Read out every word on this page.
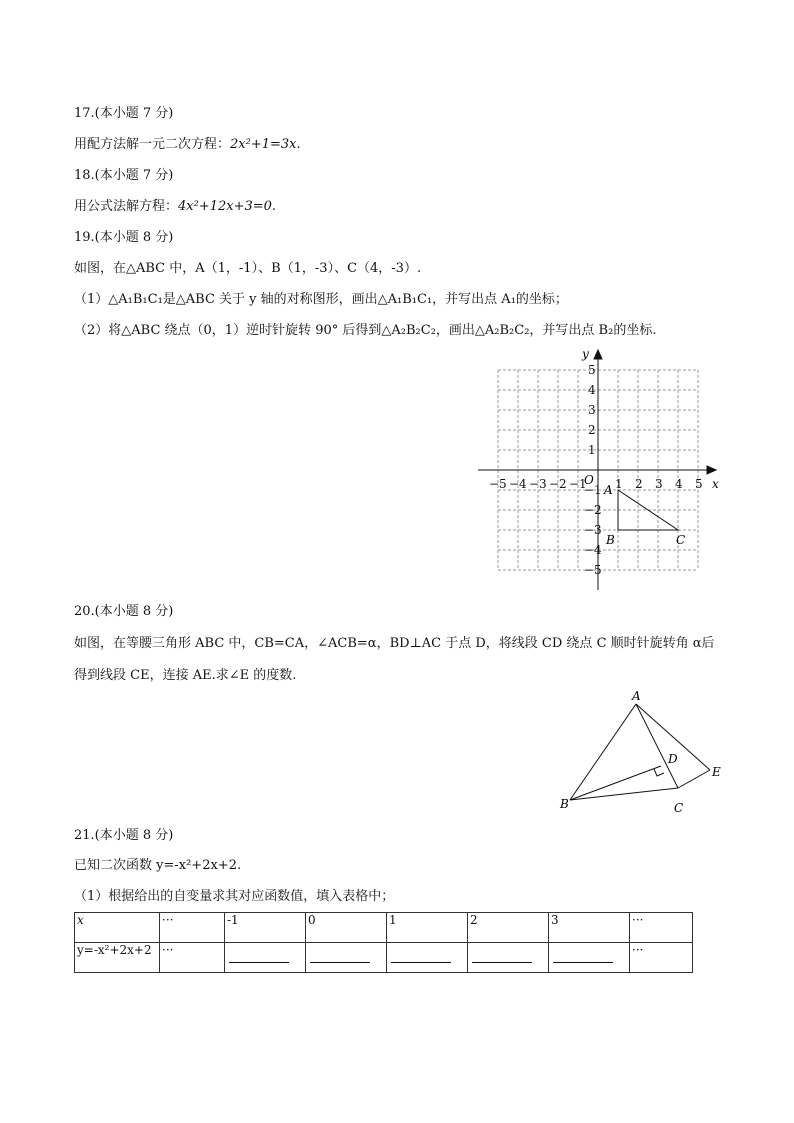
17.(本小题 7 分)
用配方法解一元二次方程：2x²+1=3x.
18.(本小题 7 分)
用公式法解方程：4x²+12x+3=0.
19.(本小题 8 分)
如图，在△ABC 中，A（1，-1）、B（1，-3）、C（4，-3）.
（1）△A₁B₁C₁是△ABC 关于 y 轴的对称图形，画出△A₁B₁C₁，并写出点 A₁的坐标；
（2）将△ABC 绕点（0，1）逆时针旋转 90° 后得到△A₂B₂C₂，画出△A₂B₂C₂，并写出点 B₂的坐标.
−5 −4 −3 −2 −1 1 2 3 4 5
5
4
3
2
1
−1
−2
−3
−4
−5
x
y
O
A
B	C
20.(本小题 8 分)
如图，在等腰三角形 ABC 中，CB=CA，∠ACB=α，BD⊥AC 于点 D，将线段 CD 绕点 C 顺时针旋转角 α后
得到线段 CE，连接 AE.求∠E 的度数.
A
B	C
D
E
21.(本小题 8 分)
已知二次函数 y=-x²+2x+2.
（1）根据给出的自变量求其对应函数值，填入表格中；
x	···	-1	0	1	2	3	···
y=-x²+2x+2	···						···
